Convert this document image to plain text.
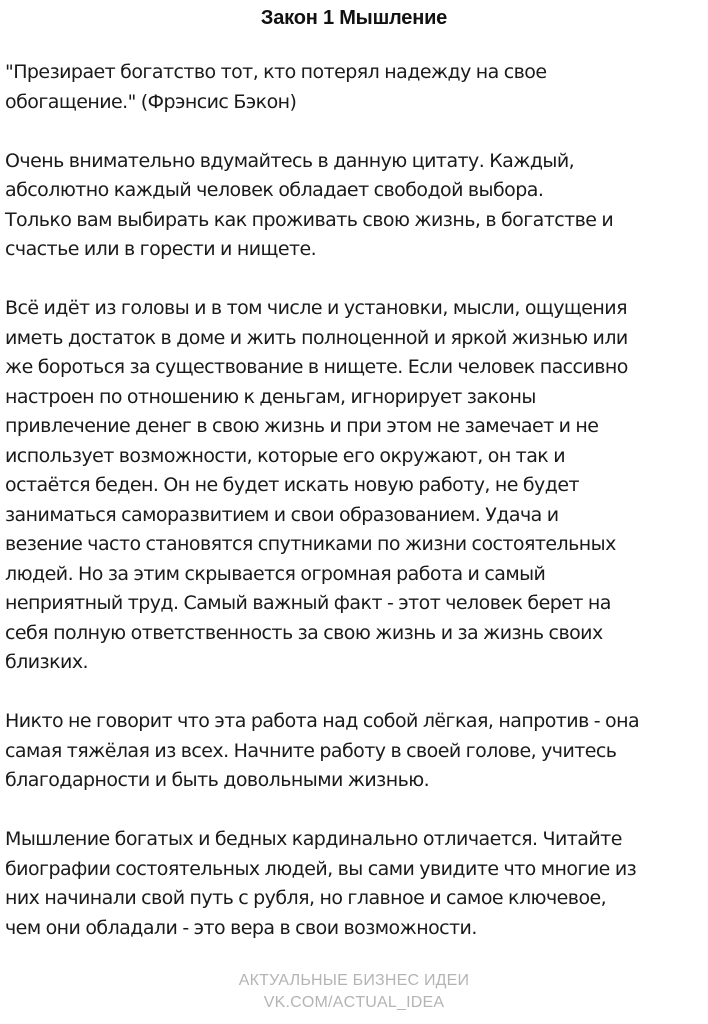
Закон 1 Мышление

"Презирает богатство тот, кто потерял надежду на свое
обогащение." (Фрэнсис Бэкон)

Очень внимательно вдумайтесь в данную цитату. Каждый,
абсолютно каждый человек обладает свободой выбора.
Только вам выбирать как проживать свою жизнь, в богатстве и
счастье или в горести и нищете.

Всё идёт из головы и в том числе и установки, мысли, ощущения
иметь достаток в доме и жить полноценной и яркой жизнью или
же бороться за существование в нищете. Если человек пассивно
настроен по отношению к деньгам, игнорирует законы
привлечение денег в свою жизнь и при этом не замечает и не
использует возможности, которые его окружают, он так и
остаётся беден. Он не будет искать новую работу, не будет
заниматься саморазвитием и свои образованием. Удача и
везение часто становятся спутниками по жизни состоятельных
людей. Но за этим скрывается огромная работа и самый
неприятный труд. Самый важный факт - этот человек берет на
себя полную ответственность за свою жизнь и за жизнь своих
близких.

Никто не говорит что эта работа над собой лёгкая, напротив - она
самая тяжёлая из всех. Начните работу в своей голове, учитесь
благодарности и быть довольными жизнью.

Мышление богатых и бедных кардинально отличается. Читайте
биографии состоятельных людей, вы сами увидите что многие из
них начинали свой путь с рубля, но главное и самое ключевое,
чем они обладали - это вера в свои возможности.

АКТУАЛЬНЫЕ БИЗНЕС ИДЕИ
VK.COM/ACTUAL_IDEA
